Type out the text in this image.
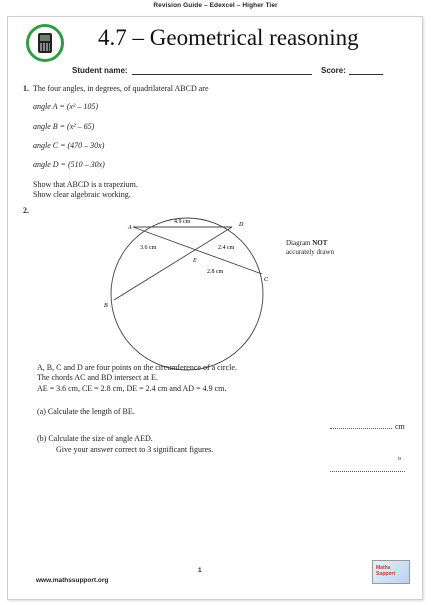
Revision Guide – Edexcel – Higher Tier
4.7 – Geometrical reasoning
Student name:	Score:
1. The four angles, in degrees, of quadrilateral ABCD are
angle A = (x² – 105)
angle B = (x² – 65)
angle C = (470 – 30x)
angle D = (510 – 30x)
Show that ABCD is a trapezium.
Show clear algebraic working.
2.
A
B
C
D
E
4.9 cm
3.6 cm	2.4 cm
2.8 cm
Diagram NOT
accurately drawn
A, B, C and D are four points on the circumference of a circle.
The chords AC and BD intersect at E.
AE = 3.6 cm, CE = 2.8 cm, DE = 2.4 cm and AD = 4.9 cm.
(a) Calculate the length of BE.
cm
(b) Calculate the size of angle AED.
Give your answer correct to 3 significant figures.
o
www.mathssupport.org
1	Maths Support
